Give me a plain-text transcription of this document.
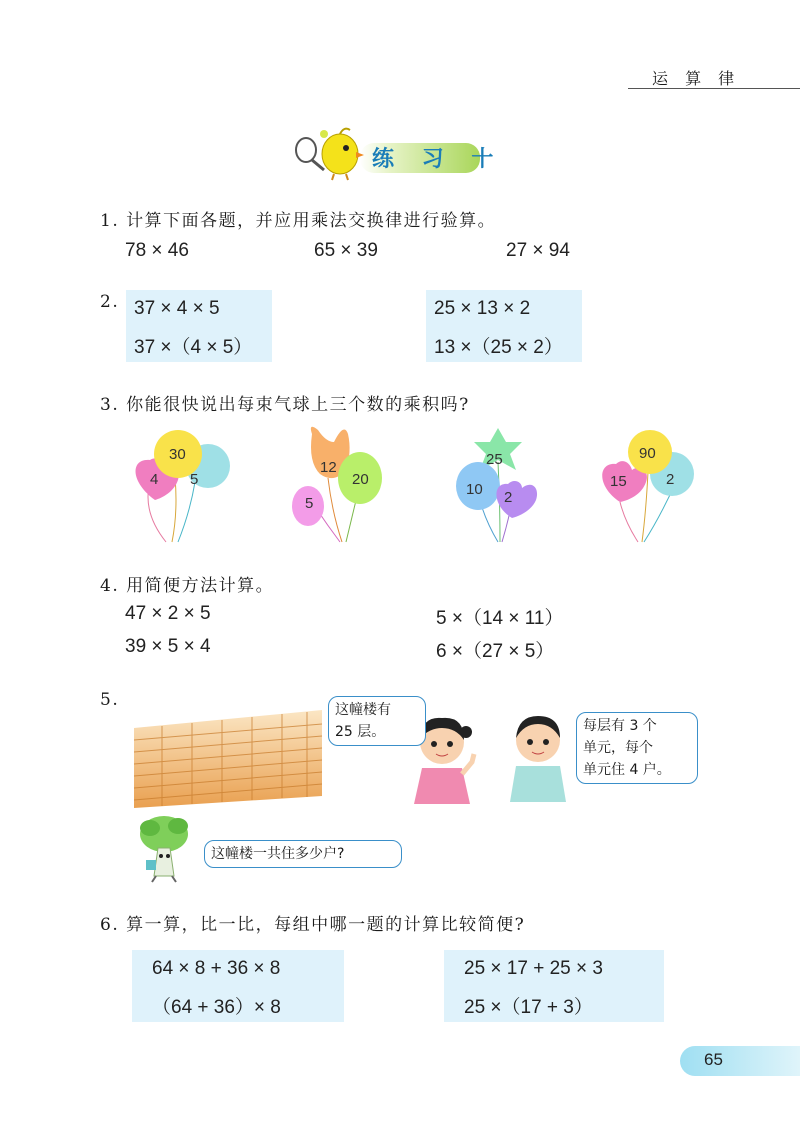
运 算 律
练 习 十
1. 计算下面各题，并应用乘法交换律进行验算。
78 × 46	65 × 39	27 × 94
2. 37 × 4 × 5
37 ×（4 × 5）
25 × 13 × 2
13 ×（25 × 2）
3. 你能很快说出每束气球上三个数的乘积吗?
30
4 5
12
20
5
25
10 2
90
15	2
4. 用简便方法计算。
47 × 2 × 5	5 ×（14 × 11）
39 × 5 × 4	6 ×（27 × 5）
5.	这幢楼有
25 层。	每层有 3 个
单元，每个
单元住 4 户。
这幢楼一共住多少户?
6. 算一算，比一比，每组中哪一题的计算比较简便?
64 × 8 + 36 × 8
（64 + 36）× 8
25 × 17 + 25 × 3
25 ×（17 + 3）
65
